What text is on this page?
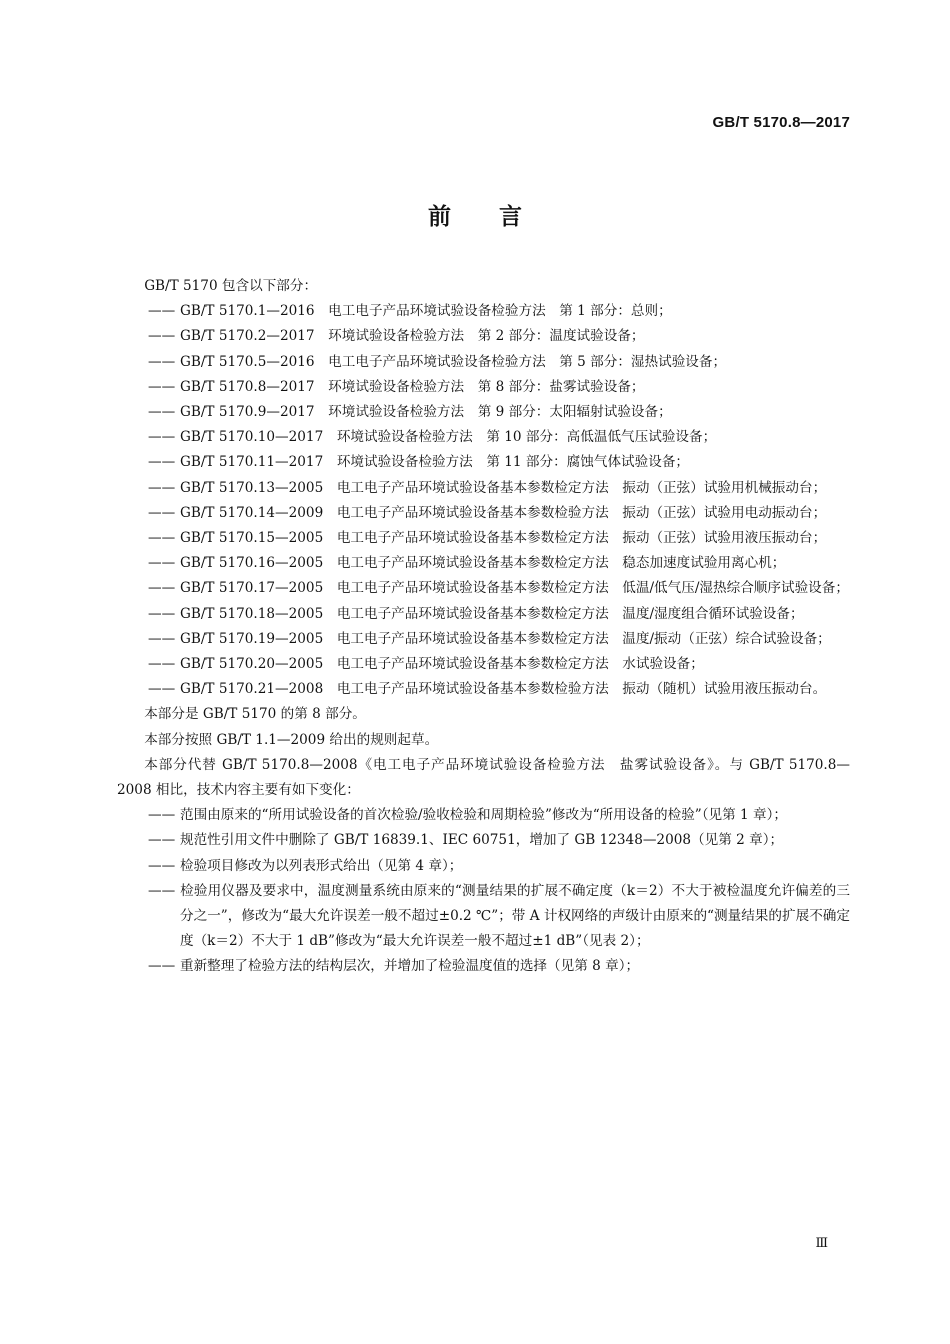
GB/T 5170.8—2017
前言

GB/T 5170 包含以下部分：

—— GB/T 5170.1—2016　电工电子产品环境试验设备检验方法　第 1 部分：总则；

—— GB/T 5170.2—2017　环境试验设备检验方法　第 2 部分：温度试验设备；

—— GB/T 5170.5—2016　电工电子产品环境试验设备检验方法　第 5 部分：湿热试验设备；

—— GB/T 5170.8—2017　环境试验设备检验方法　第 8 部分：盐雾试验设备；

—— GB/T 5170.9—2017　环境试验设备检验方法　第 9 部分：太阳辐射试验设备；

—— GB/T 5170.10—2017　环境试验设备检验方法　第 10 部分：高低温低气压试验设备；

—— GB/T 5170.11—2017　环境试验设备检验方法　第 11 部分：腐蚀气体试验设备；

—— GB/T 5170.13—2005　电工电子产品环境试验设备基本参数检定方法　振动（正弦）试验用机械振动台；

—— GB/T 5170.14—2009　电工电子产品环境试验设备基本参数检验方法　振动（正弦）试验用电动振动台；

—— GB/T 5170.15—2005　电工电子产品环境试验设备基本参数检定方法　振动（正弦）试验用液压振动台；

—— GB/T 5170.16—2005　电工电子产品环境试验设备基本参数检定方法　稳态加速度试验用离心机；

—— GB/T 5170.17—2005　电工电子产品环境试验设备基本参数检定方法　低温/低气压/湿热综合顺序试验设备；

—— GB/T 5170.18—2005　电工电子产品环境试验设备基本参数检定方法　温度/湿度组合循环试验设备；

—— GB/T 5170.19—2005　电工电子产品环境试验设备基本参数检定方法　温度/振动（正弦）综合试验设备；

—— GB/T 5170.20—2005　电工电子产品环境试验设备基本参数检定方法　水试验设备；

—— GB/T 5170.21—2008　电工电子产品环境试验设备基本参数检验方法　振动（随机）试验用液压振动台。

本部分是 GB/T 5170 的第 8 部分。

本部分按照 GB/T 1.1—2009 给出的规则起草。

本部分代替 GB/T 5170.8—2008《电工电子产品环境试验设备检验方法　盐雾试验设备》。与 GB/T 5170.8—2008 相比，技术内容主要有如下变化：

—— 范围由原来的“所用试验设备的首次检验/验收检验和周期检验”修改为“所用设备的检验”（见第 1 章）；

—— 规范性引用文件中删除了 GB/T 16839.1、IEC 60751，增加了 GB 12348—2008（见第 2 章）；

—— 检验项目修改为以列表形式给出（见第 4 章）；

—— 检验用仪器及要求中，温度测量系统由原来的“测量结果的扩展不确定度（k＝2）不大于被检温度允许偏差的三分之一”，修改为“最大允许误差一般不超过±0.2 ℃”；带 A 计权网络的声级计由原来的“测量结果的扩展不确定度（k＝2）不大于 1 dB”修改为“最大允许误差一般不超过±1 dB”（见表 2）；

—— 重新整理了检验方法的结构层次，并增加了检验温度值的选择（见第 8 章）；

Ⅲ
